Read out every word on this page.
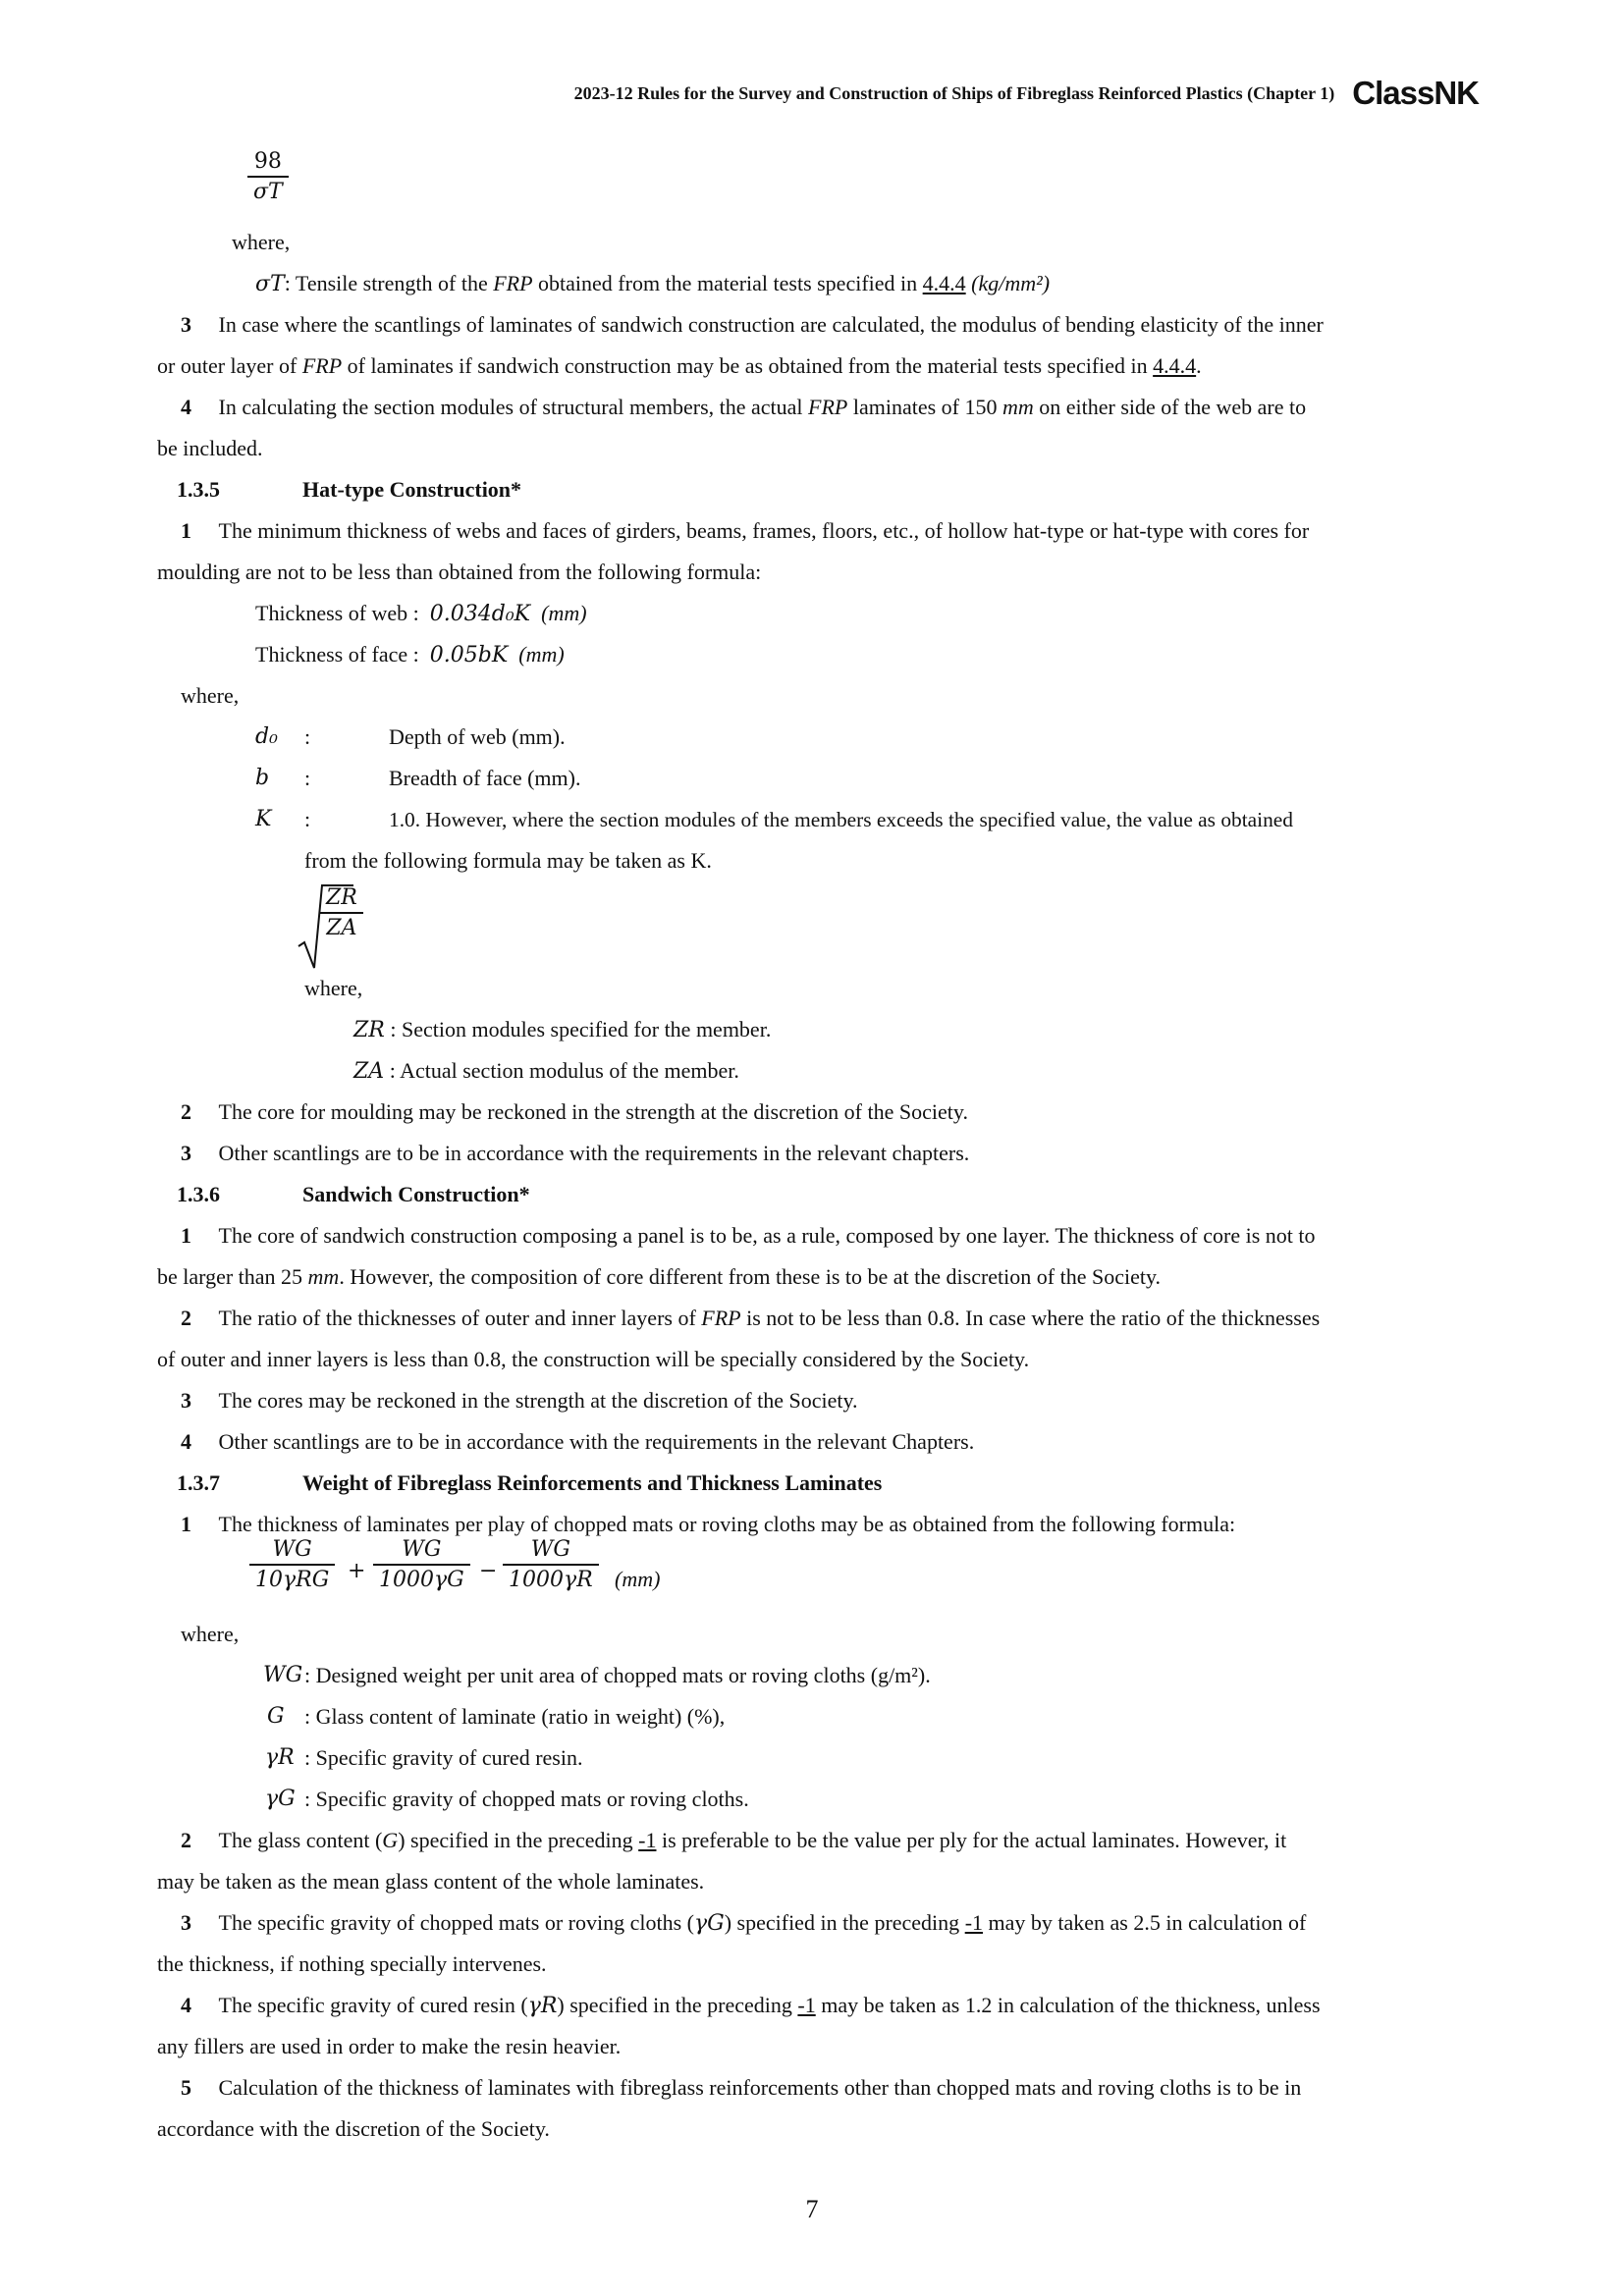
2023-12 Rules for the Survey and Construction of Ships of Fibreglass Reinforced Plastics (Chapter 1) ClassNK
98
σT
where,
σT: Tensile strength of the FRP obtained from the material tests specified in 4.4.4 (kg/mm²)
3 In case where the scantlings of laminates of sandwich construction are calculated, the modulus of bending elasticity of the inner
or outer layer of FRP of laminates if sandwich construction may be as obtained from the material tests specified in 4.4.4.
4 In calculating the section modules of structural members, the actual FRP laminates of 150 mm on either side of the web are to
be included.
1.3.5	Hat-type Construction*
1 The minimum thickness of webs and faces of girders, beams, frames, floors, etc., of hollow hat-type or hat-type with cores for
moulding are not to be less than obtained from the following formula:
Thickness of web : 0.034d₀K (mm)
Thickness of face : 0.05bK (mm)
where,
d₀ :	Depth of web (mm).
b :	Breadth of face (mm).
K :	1.0. However, where the section modules of the members exceeds the specified value, the value as obtained
from the following formula may be taken as K.
ZR
ZA
where,
ZR : Section modules specified for the member.
ZA : Actual section modulus of the member.
2 The core for moulding may be reckoned in the strength at the discretion of the Society.
3 Other scantlings are to be in accordance with the requirements in the relevant chapters.
1.3.6	Sandwich Construction*
1 The core of sandwich construction composing a panel is to be, as a rule, composed by one layer. The thickness of core is not to
be larger than 25 mm. However, the composition of core different from these is to be at the discretion of the Society.
2 The ratio of the thicknesses of outer and inner layers of FRP is not to be less than 0.8. In case where the ratio of the thicknesses
of outer and inner layers is less than 0.8, the construction will be specially considered by the Society.
3 The cores may be reckoned in the strength at the discretion of the Society.
4 Other scantlings are to be in accordance with the requirements in the relevant Chapters.
1.3.7	Weight of Fibreglass Reinforcements and Thickness Laminates
1 The thickness of laminates per play of chopped mats or roving cloths may be as obtained from the following formula:
WG
10γRG +
WG
1000γG −
WG
1000γR (mm)
where,
WG : Designed weight per unit area of chopped mats or roving cloths (g/m²).
G : Glass content of laminate (ratio in weight) (%),
γR : Specific gravity of cured resin.
γG : Specific gravity of chopped mats or roving cloths.
2 The glass content (G) specified in the preceding -1 is preferable to be the value per ply for the actual laminates. However, it
may be taken as the mean glass content of the whole laminates.
3 The specific gravity of chopped mats or roving cloths (γG) specified in the preceding -1 may by taken as 2.5 in calculation of
the thickness, if nothing specially intervenes.
4 The specific gravity of cured resin (γR) specified in the preceding -1 may be taken as 1.2 in calculation of the thickness, unless
any fillers are used in order to make the resin heavier.
5 Calculation of the thickness of laminates with fibreglass reinforcements other than chopped mats and roving cloths is to be in
accordance with the discretion of the Society.
7
